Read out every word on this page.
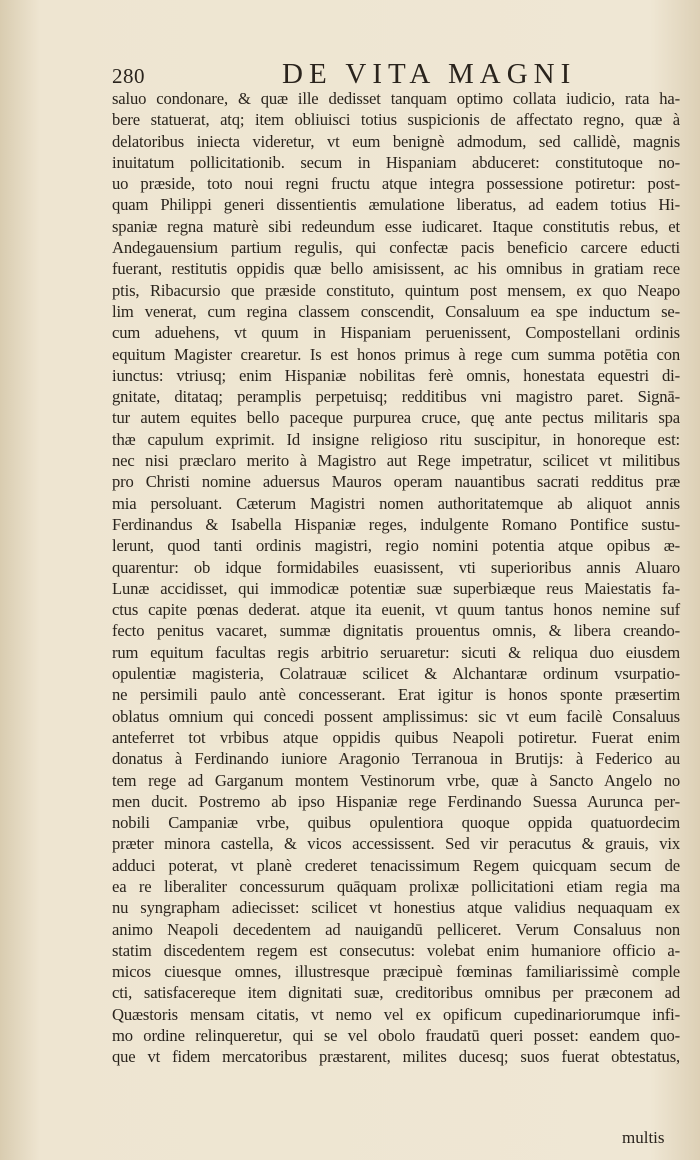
280	DE VITA MAGNI
saluo condonare, & quæ ille dedisset tanquam optimo collata iudicio, rata ha-
bere statuerat, atq; item obliuisci totius suspicionis de affectato regno, quæ à
delatoribus iniecta videretur, vt eum benignè admodum, sed callidè, magnis
inuitatum pollicitationib. secum in Hispaniam abduceret: constitutoque no-
uo præside, toto noui regni fructu atque integra possessione potiretur: post-
quam Philippi generi dissentientis æmulatione liberatus, ad eadem totius Hi-
spaniæ regna maturè sibi redeundum esse iudicaret. Itaque constitutis rebus, et
Andegauensium partium regulis, qui confectæ pacis beneficio carcere educti
fuerant, restitutis oppidis quæ bello amisissent, ac his omnibus in gratiam rece
ptis, Ribacursio que præside constituto, quintum post mensem, ex quo Neapo
lim venerat, cum regina classem conscendit, Consaluum ea spe inductum se-
cum aduehens, vt quum in Hispaniam peruenissent, Compostellani ordinis
equitum Magister crearetur. Is est honos primus à rege cum summa potētia con
iunctus: vtriusq; enim Hispaniæ nobilitas ferè omnis, honestata equestri di-
gnitate, ditataq; peramplis perpetuisq; redditibus vni magistro paret. Signā-
tur autem equites bello paceque purpurea cruce, quę ante pectus militaris spa
thæ capulum exprimit. Id insigne religioso ritu suscipitur, in honoreque est:
nec nisi præclaro merito à Magistro aut Rege impetratur, scilicet vt militibus
pro Christi nomine aduersus Mauros operam nauantibus sacrati redditus præ
mia persoluant. Cæterum Magistri nomen authoritatemque ab aliquot annis
Ferdinandus & Isabella Hispaniæ reges, indulgente Romano Pontifice sustu-
lerunt, quod tanti ordinis magistri, regio nomini potentia atque opibus æ-
quarentur: ob idque formidabiles euasissent, vti superioribus annis Aluaro
Lunæ accidisset, qui immodicæ potentiæ suæ superbiæque reus Maiestatis fa-
ctus capite pœnas dederat. atque ita euenit, vt quum tantus honos nemine suf
fecto penitus vacaret, summæ dignitatis prouentus omnis, & libera creando-
rum equitum facultas regis arbitrio seruaretur: sicuti & reliqua duo eiusdem
opulentiæ magisteria, Colatrauæ scilicet & Alchantaræ ordinum vsurpatio-
ne persimili paulo antè concesserant. Erat igitur is honos sponte præsertim
oblatus omnium qui concedi possent amplissimus: sic vt eum facilè Consaluus
anteferret tot vrbibus atque oppidis quibus Neapoli potiretur. Fuerat enim
donatus à Ferdinando iuniore Aragonio Terranoua in Brutijs: à Federico au
tem rege ad Garganum montem Vestinorum vrbe, quæ à Sancto Angelo no
men ducit. Postremo ab ipso Hispaniæ rege Ferdinando Suessa Aurunca per-
nobili Campaniæ vrbe, quibus opulentiora quoque oppida quatuordecim
præter minora castella, & vicos accessissent. Sed vir peracutus & grauis, vix
adduci poterat, vt planè crederet tenacissimum Regem quicquam secum de
ea re liberaliter concessurum quāquam prolixæ pollicitationi etiam regia ma
nu syngrapham adiecisset: scilicet vt honestius atque validius nequaquam ex
animo Neapoli decedentem ad nauigandū pelliceret. Verum Consaluus non
statim discedentem regem est consecutus: volebat enim humaniore officio a-
micos ciuesque omnes, illustresque præcipuè fœminas familiarissimè comple
cti, satisfacereque item dignitati suæ, creditoribus omnibus per præconem ad
Quæstoris mensam citatis, vt nemo vel ex opificum cupedinariorumque infi-
mo ordine relinqueretur, qui se vel obolo fraudatū queri posset: eandem quo-
que vt fidem mercatoribus præstarent, milites ducesq; suos fuerat obtestatus,
multis
